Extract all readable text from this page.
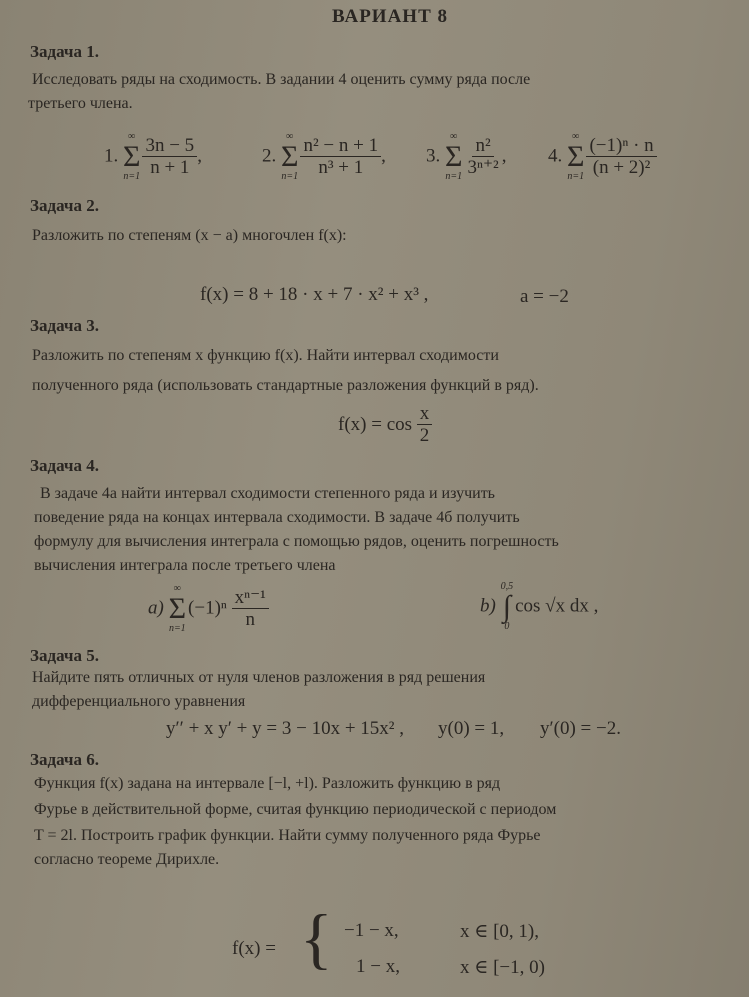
ВАРИАНТ 8
Задача 1.
Исследовать ряды на сходимость. В задании 4 оценить сумму ряда после
третьего члена.
1.
∞
Σ
$n=1 \frac{3n - 5}{n + 1}$ ,	2.
∞
Σ
$n=1 \frac{\text{n² − n + 1}}{\text{n³ + 1}}$ , 3.
∞
Σ
$n=1 \frac{\text{n²}}{\text{3ⁿ⁺²}}$ , 4.
∞
Σ
$n=1 \frac{\text{(−1)ⁿ · n}}{\text{(n + 2)²}}$
Задача 2.
Разложить по степеням (x − a) многочлен f(x):
f(x) = 8 + 18 · x + 7 · x² + x³ ,	a = −2
Задача 3.
Разложить по степеням x функцию f(x). Найти интервал сходимости
полученного ряда (использовать стандартные разложения функций в ряд).
$f(x) = \cos \frac{x}{2}$
Задача 4.
В задаче 4а найти интервал сходимости степенного ряда и изучить
поведение ряда на концах интервала сходимости. В задаче 4б получить
формулу для вычисления интеграла с помощью рядов, оценить погрешность
вычисления интеграла после третьего члена
a)
∞
Σ
n=1
$(-1)^n \frac{\text{xⁿ⁻¹}}{n}$	b)
0,5
∫
0
cos √x dx ,
Задача 5.
Найдите пять отличных от нуля членов разложения в ряд решения
дифференциального уравнения
y′′ + x y′ + y = 3 − 10x + 15x² , y(0) = 1, y′(0) = −2.
Задача 6.
Функция f(x) задана на интервале [−l, +l). Разложить функцию в ряд
Фурье в действительной форме, считая функцию периодической с периодом
T = 2l. Построить график функции. Найти сумму полученного ряда Фурье
согласно теореме Дирихле.
f(x) = { −1 − x,	x ∈ [0, 1),
1 − x,	x ∈ [−1, 0)
